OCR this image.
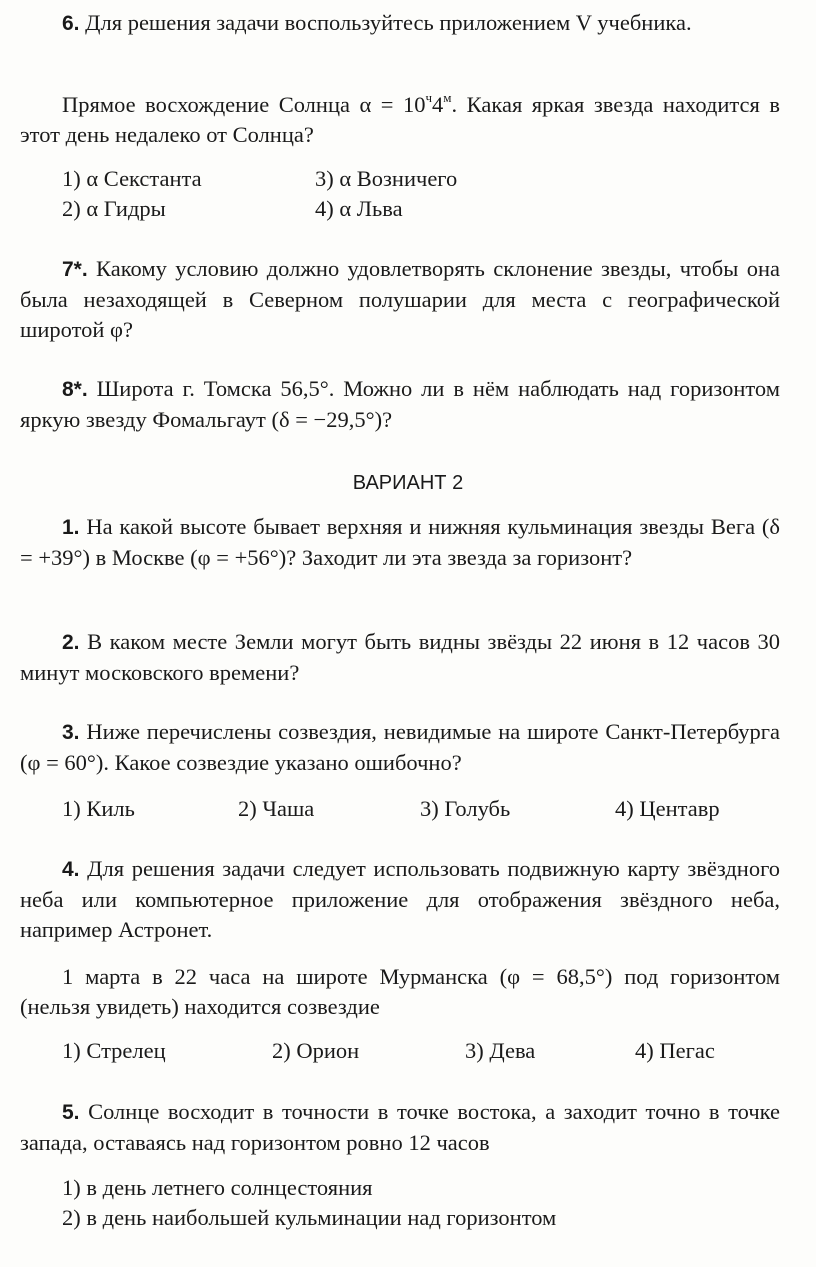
6. Для решения задачи воспользуйтесь приложением V учебника.

Прямое восхождение Солнца $\alpha = 10^ч4^м$. Какая яркая звезда находится в этот день недалеко от Солнца?

1) α Секстанта	3) α Возничего
2) α Гидры	4) α Льва

7*. Какому условию должно удовлетворять склонение звезды, чтобы она была незаходящей в Северном полушарии для места с географической широтой φ?

8*. Широта г. Томска 56,5°. Можно ли в нём наблюдать над горизонтом яркую звезду Фомальгаут (δ = −29,5°)?

ВАРИАНТ 2

1. На какой высоте бывает верхняя и нижняя кульминация звезды Вега (δ = +39°) в Москве (φ = +56°)? Заходит ли эта звезда за горизонт?

2. В каком месте Земли могут быть видны звёзды 22 июня в 12 часов 30 минут московского времени?

3. Ниже перечислены созвездия, невидимые на широте Санкт-Петербурга (φ = 60°). Какое созвездие указано ошибочно?

1) Киль	2) Чаша	3) Голубь	4) Центавр

4. Для решения задачи следует использовать подвижную карту звёздного неба или компьютерное приложение для отображения звёздного неба, например Астронет.

1 марта в 22 часа на широте Мурманска (φ = 68,5°) под горизонтом (нельзя увидеть) находится созвездие

1) Стрелец	2) Орион	3) Дева	4) Пегас

5. Солнце восходит в точности в точке востока, а заходит точно в точке запада, оставаясь над горизонтом ровно 12 часов

1) в день летнего солнцестояния
2) в день наибольшей кульминации над горизонтом
